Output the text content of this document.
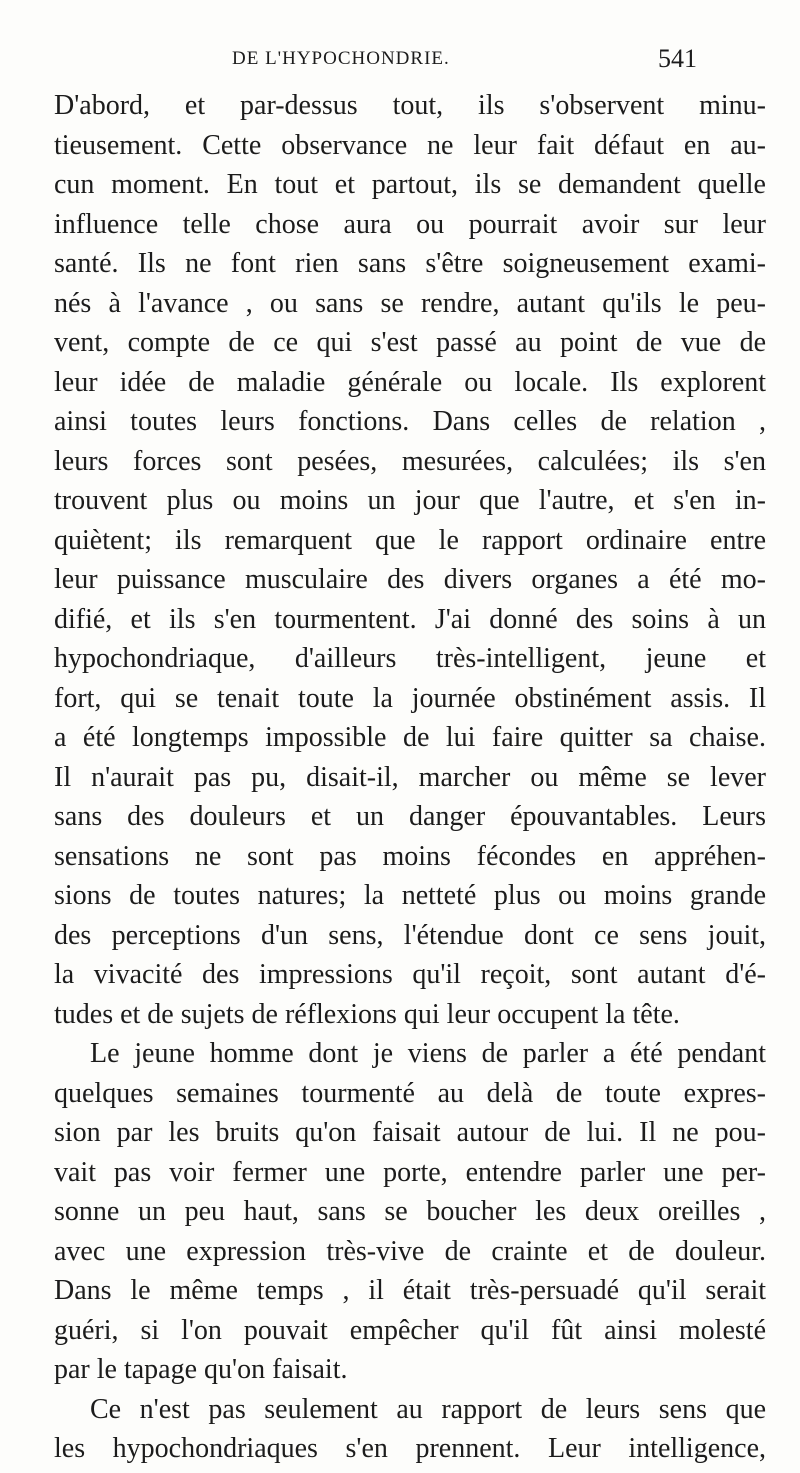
DE L'HYPOCHONDRIE.	541
D'abord, et par-dessus tout, ils s'observent minu-
tieusement. Cette observance ne leur fait défaut en au-
cun moment. En tout et partout, ils se demandent quelle
influence telle chose aura ou pourrait avoir sur leur
santé. Ils ne font rien sans s'être soigneusement exami-
nés à l'avance , ou sans se rendre, autant qu'ils le peu-
vent, compte de ce qui s'est passé au point de vue de
leur idée de maladie générale ou locale. Ils explorent
ainsi toutes leurs fonctions. Dans celles de relation ,
leurs forces sont pesées, mesurées, calculées; ils s'en
trouvent plus ou moins un jour que l'autre, et s'en in-
quiètent; ils remarquent que le rapport ordinaire entre
leur puissance musculaire des divers organes a été mo-
difié, et ils s'en tourmentent. J'ai donné des soins à un
hypochondriaque, d'ailleurs très-intelligent, jeune et
fort, qui se tenait toute la journée obstinément assis. Il
a été longtemps impossible de lui faire quitter sa chaise.
Il n'aurait pas pu, disait-il, marcher ou même se lever
sans des douleurs et un danger épouvantables. Leurs
sensations ne sont pas moins fécondes en appréhen-
sions de toutes natures; la netteté plus ou moins grande
des perceptions d'un sens, l'étendue dont ce sens jouit,
la vivacité des impressions qu'il reçoit, sont autant d'é-
tudes et de sujets de réflexions qui leur occupent la tête.
Le jeune homme dont je viens de parler a été pendant
quelques semaines tourmenté au delà de toute expres-
sion par les bruits qu'on faisait autour de lui. Il ne pou-
vait pas voir fermer une porte, entendre parler une per-
sonne un peu haut, sans se boucher les deux oreilles ,
avec une expression très-vive de crainte et de douleur.
Dans le même temps , il était très-persuadé qu'il serait
guéri, si l'on pouvait empêcher qu'il fût ainsi molesté
par le tapage qu'on faisait.
Ce n'est pas seulement au rapport de leurs sens que
les hypochondriaques s'en prennent. Leur intelligence,
